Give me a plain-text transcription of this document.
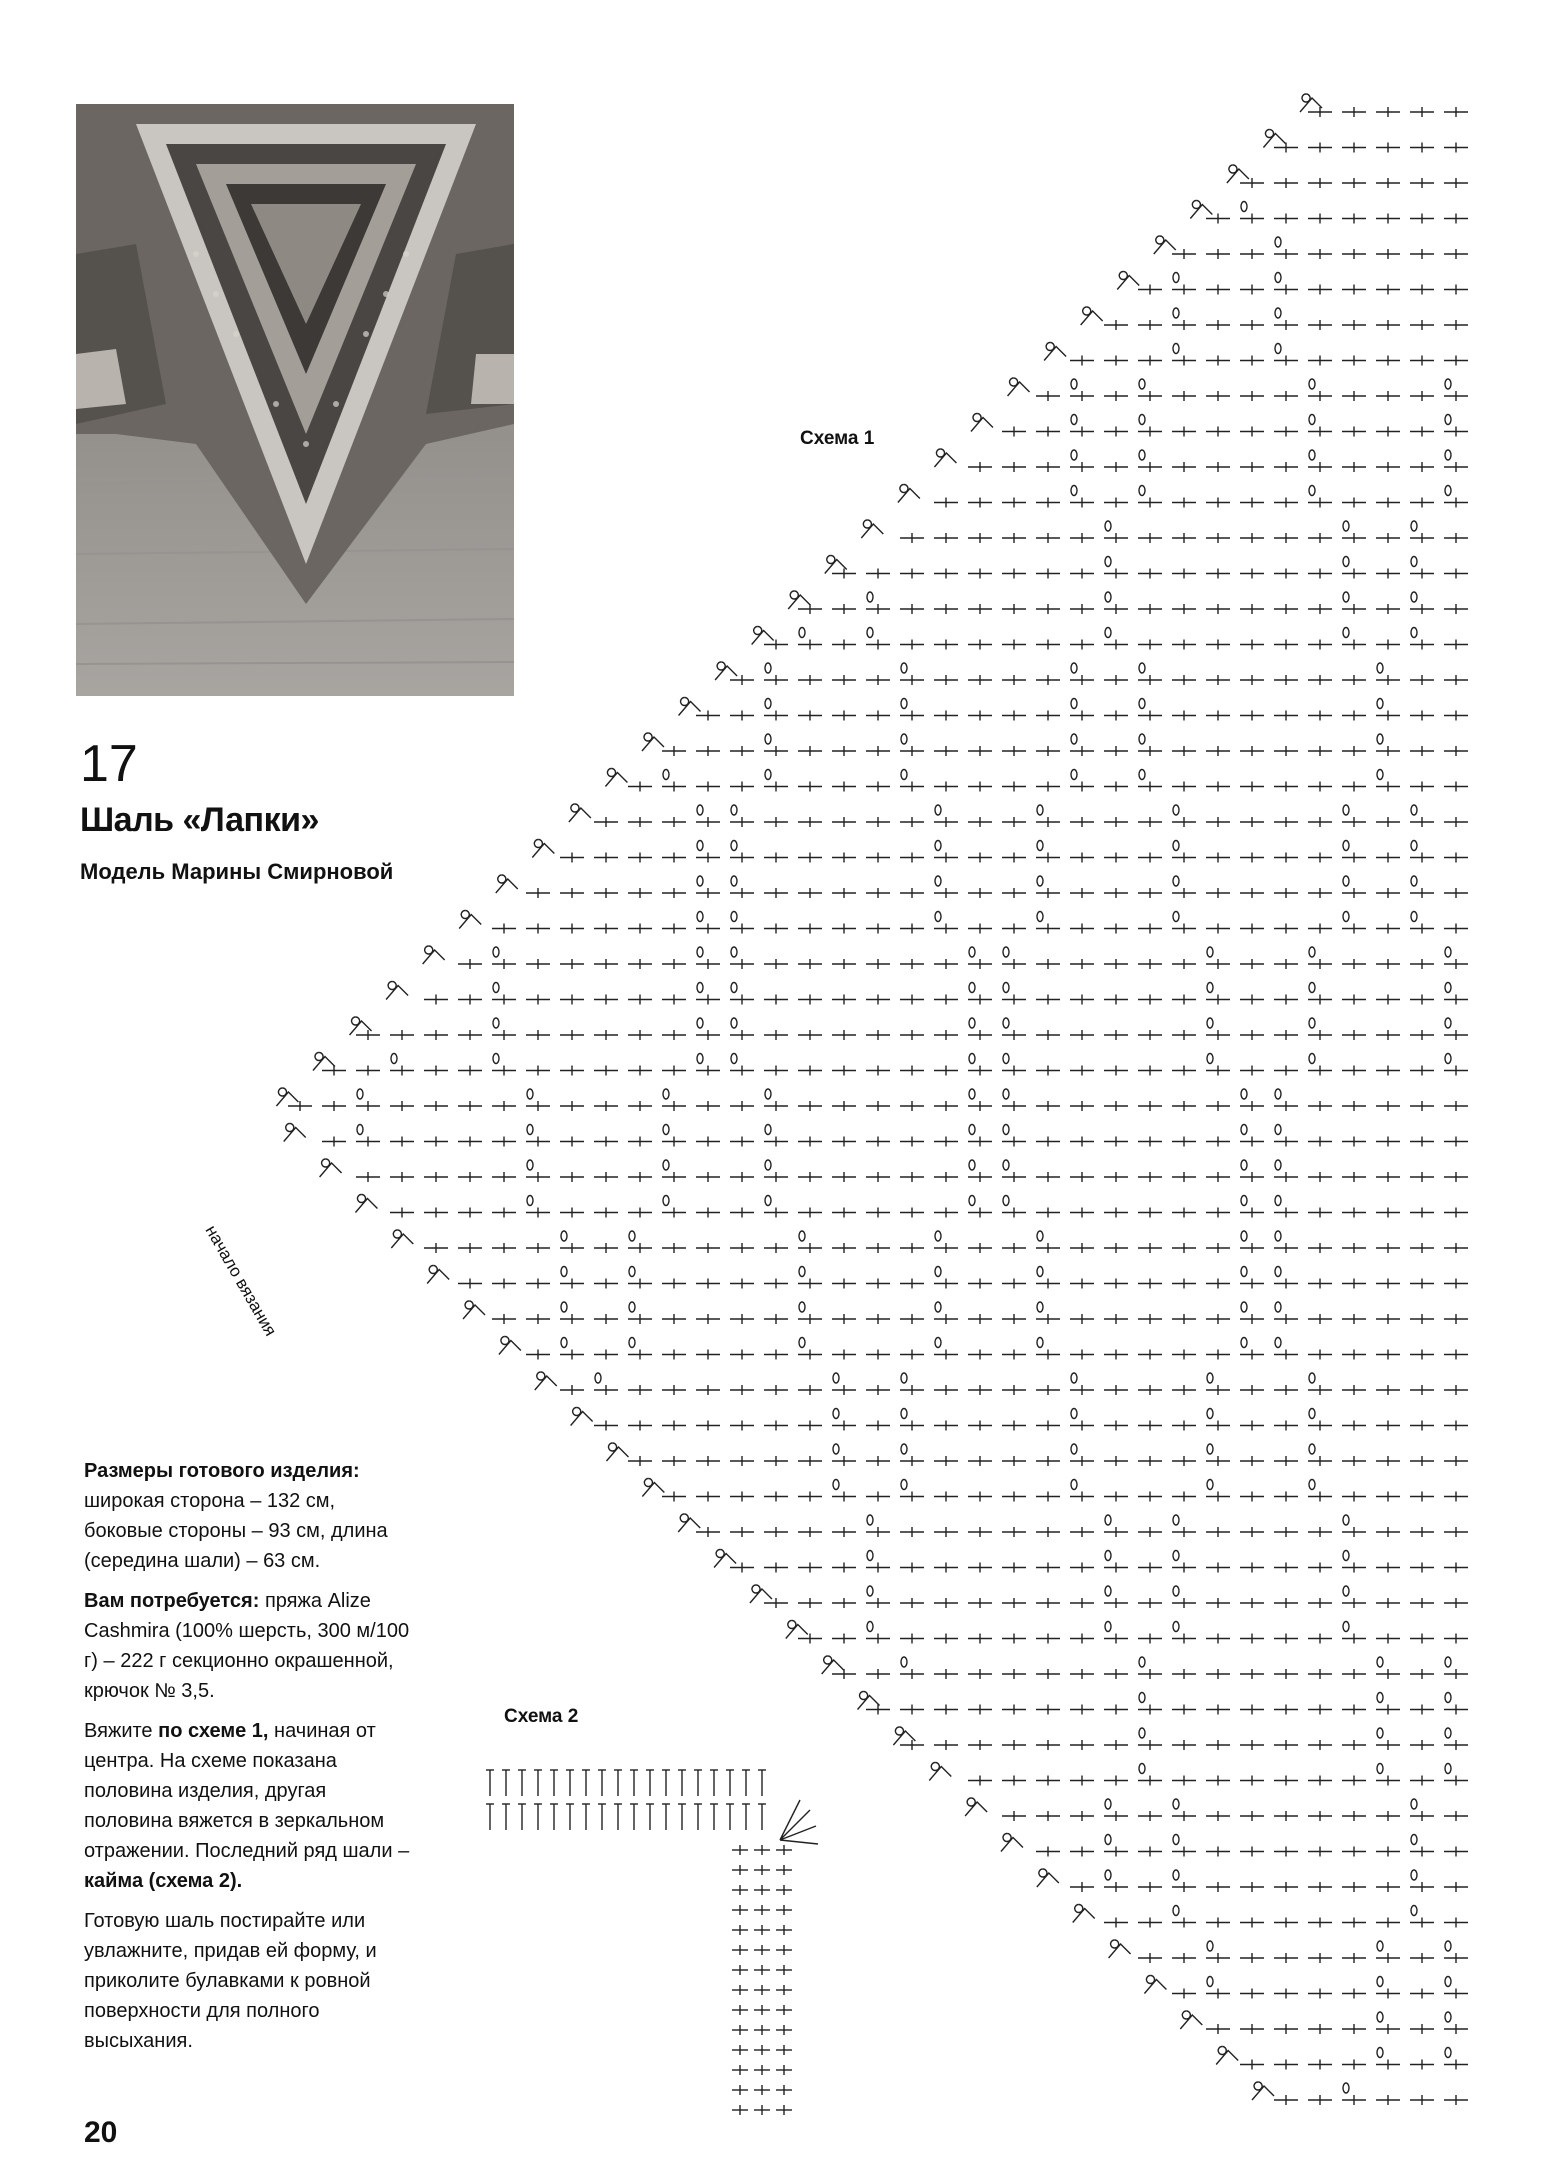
17
Шаль «Лапки»
Модель Марины Смирновой
Схема 1
Схема 2
начало вязания

Размеры готового изделия: широкая сторона – 132 см, боковые стороны – 93 см, длина (середина шали) – 63 см.

Вам потребуется: пряжа Alize Cashmira (100% шерсть, 300 м/100 г) – 222 г секционно окрашенной, крючок № 3,5.

Вяжите по схеме 1, начиная от центра. На схеме показана половина изделия, другая половина вяжется в зеркальном отражении. Последний ряд шали – кайма (схема 2).

Готовую шаль постирайте или увлажните, придав ей форму, и приколите булавками к ровной поверхности для полного высыхания.

20
